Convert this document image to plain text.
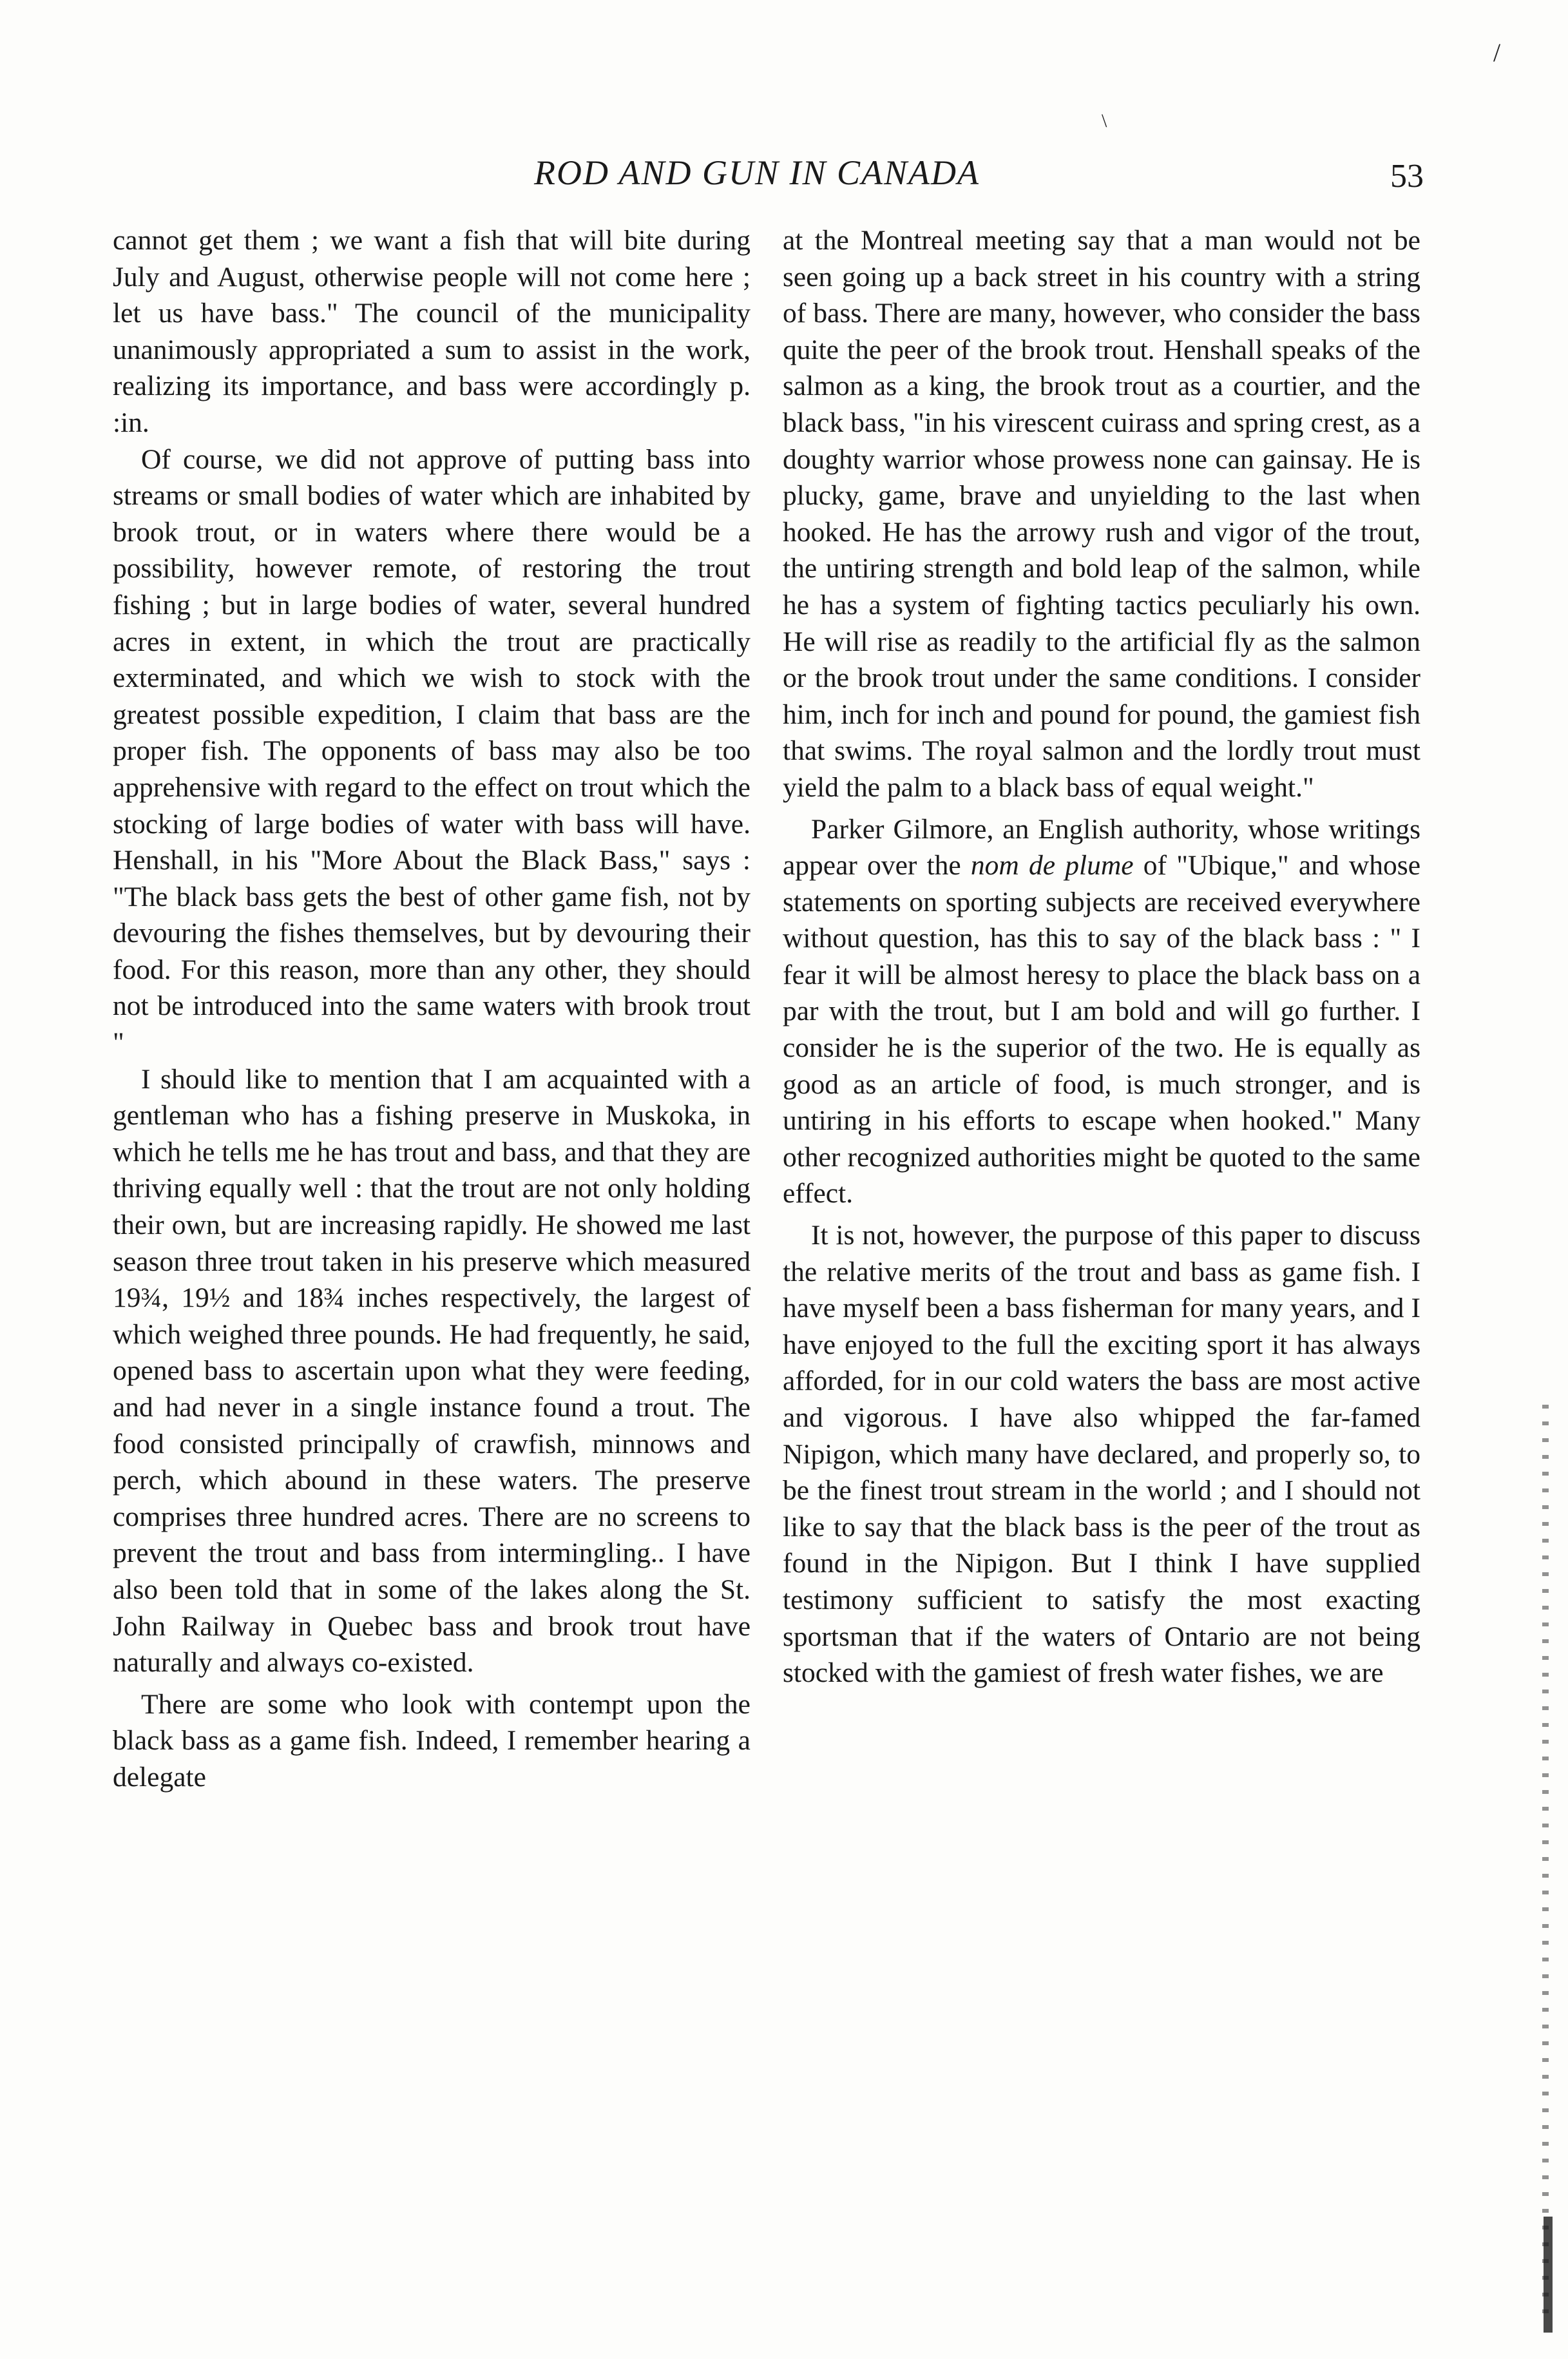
/
\
ROD AND GUN IN CANADA	53

cannot get them ; we want a fish that will bite during July and August, otherwise people will not come here ; let us have bass." The council of the municipality unanimously appropriated a sum to assist in the work, realizing its importance, and bass were accordingly p. :in.

Of course, we did not approve of putting bass into streams or small bodies of water which are inhabited by brook trout, or in waters where there would be a possibility, however remote, of restoring the trout fishing ; but in large bodies of water, several hundred acres in extent, in which the trout are practically exterminated, and which we wish to stock with the greatest possible expedition, I claim that bass are the proper fish. The opponents of bass may also be too apprehensive with regard to the effect on trout which the stocking of large bodies of water with bass will have. Henshall, in his "More About the Black Bass," says : "The black bass gets the best of other game fish, not by devouring the fishes themselves, but by devouring their food. For this reason, more than any other, they should not be introduced into the same waters with brook trout "

I should like to mention that I am acquainted with a gentleman who has a fishing preserve in Muskoka, in which he tells me he has trout and bass, and that they are thriving equally well : that the trout are not only holding their own, but are increasing rapidly. He showed me last season three trout taken in his preserve which measured 19¾, 19½ and 18¾ inches respectively, the largest of which weighed three pounds. He had frequently, he said, opened bass to ascertain upon what they were feeding, and had never in a single instance found a trout. The food consisted principally of crawfish, minnows and perch, which abound in these waters. The preserve comprises three hundred acres. There are no screens to prevent the trout and bass from intermingling.. I have also been told that in some of the lakes along the St. John Railway in Quebec bass and brook trout have naturally and always co-existed.

There are some who look with contempt upon the black bass as a game fish. Indeed, I remember hearing a delegate

at the Montreal meeting say that a man would not be seen going up a back street in his country with a string of bass. There are many, however, who consider the bass quite the peer of the brook trout. Henshall speaks of the salmon as a king, the brook trout as a courtier, and the black bass, "in his virescent cuirass and spring crest, as a doughty warrior whose prowess none can gainsay. He is plucky, game, brave and unyielding to the last when hooked. He has the arrowy rush and vigor of the trout, the untiring strength and bold leap of the salmon, while he has a system of fighting tactics peculiarly his own. He will rise as readily to the artificial fly as the salmon or the brook trout under the same conditions. I consider him, inch for inch and pound for pound, the gamiest fish that swims. The royal salmon and the lordly trout must yield the palm to a black bass of equal weight."

Parker Gilmore, an English authority, whose writings appear over the nom de plume of "Ubique," and whose statements on sporting subjects are received everywhere without question, has this to say of the black bass : " I fear it will be almost heresy to place the black bass on a par with the trout, but I am bold and will go further. I consider he is the superior of the two. He is equally as good as an article of food, is much stronger, and is untiring in his efforts to escape when hooked." Many other recognized authorities might be quoted to the same effect.

It is not, however, the purpose of this paper to discuss the relative merits of the trout and bass as game fish. I have myself been a bass fisherman for many years, and I have enjoyed to the full the exciting sport it has always afforded, for in our cold waters the bass are most active and vigorous. I have also whipped the far-famed Nipigon, which many have declared, and properly so, to be the finest trout stream in the world ; and I should not like to say that the black bass is the peer of the trout as found in the Nipigon. But I think I have supplied testimony sufficient to satisfy the most exacting sportsman that if the waters of Ontario are not being stocked with the gamiest of fresh water fishes, we are
